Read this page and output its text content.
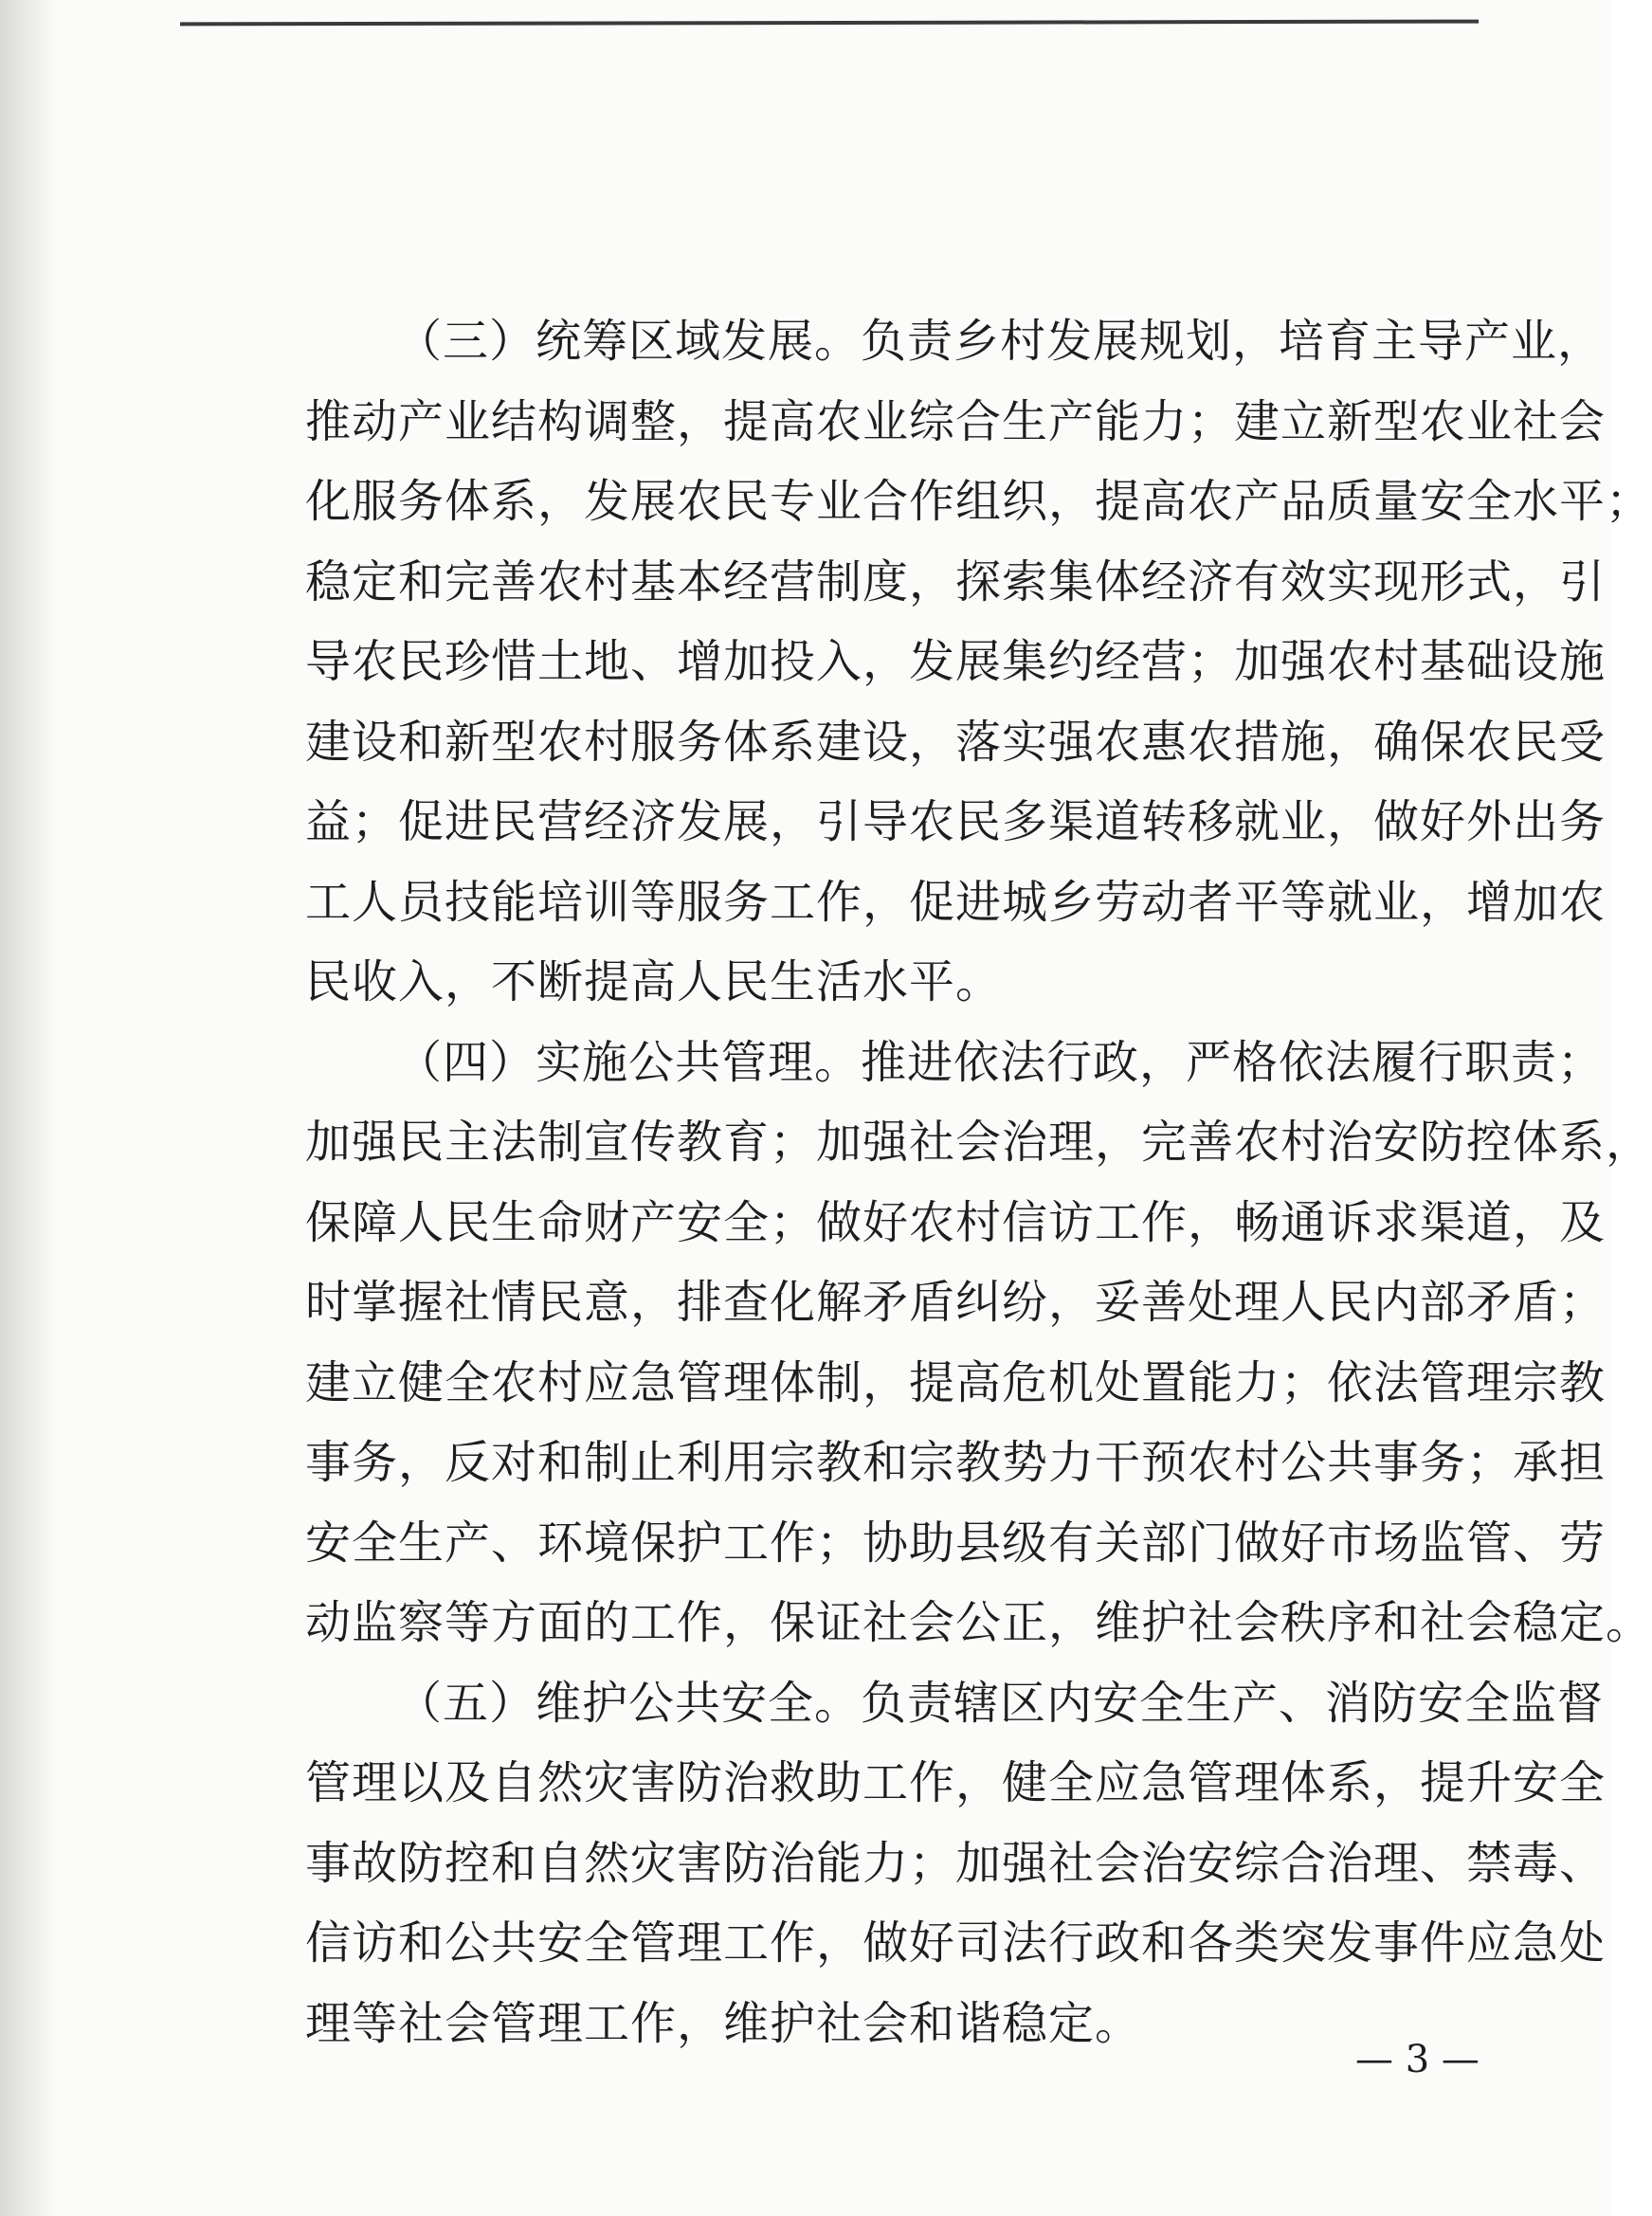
（三）统筹区域发展。负责乡村发展规划，培育主导产业，
推动产业结构调整，提高农业综合生产能力；建立新型农业社会
化服务体系，发展农民专业合作组织，提高农产品质量安全水平；
稳定和完善农村基本经营制度，探索集体经济有效实现形式，引
导农民珍惜土地、增加投入，发展集约经营；加强农村基础设施
建设和新型农村服务体系建设，落实强农惠农措施，确保农民受
益；促进民营经济发展，引导农民多渠道转移就业，做好外出务
工人员技能培训等服务工作，促进城乡劳动者平等就业，增加农
民收入，不断提高人民生活水平。
（四）实施公共管理。推进依法行政，严格依法履行职责；
加强民主法制宣传教育；加强社会治理，完善农村治安防控体系，
保障人民生命财产安全；做好农村信访工作，畅通诉求渠道，及
时掌握社情民意，排查化解矛盾纠纷，妥善处理人民内部矛盾；
建立健全农村应急管理体制，提高危机处置能力；依法管理宗教
事务，反对和制止利用宗教和宗教势力干预农村公共事务；承担
安全生产、环境保护工作；协助县级有关部门做好市场监管、劳
动监察等方面的工作，保证社会公正，维护社会秩序和社会稳定。
（五）维护公共安全。负责辖区内安全生产、消防安全监督
管理以及自然灾害防治救助工作，健全应急管理体系，提升安全
事故防控和自然灾害防治能力；加强社会治安综合治理、禁毒、
信访和公共安全管理工作，做好司法行政和各类突发事件应急处
理等社会管理工作，维护社会和谐稳定。
— 3 —
